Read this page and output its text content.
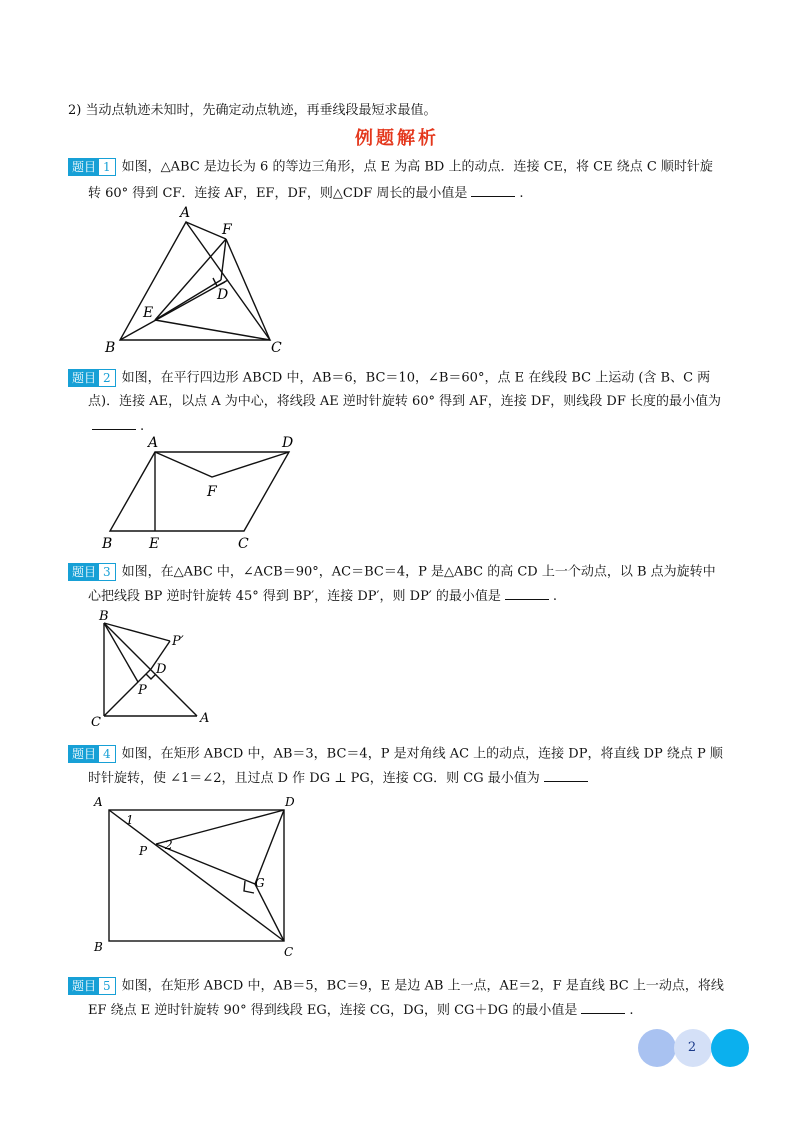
2) 当动点轨迹未知时，先确定动点轨迹，再垂线段最短求最值。
例题解析
题目 1 如图，△ABC 是边长为 6 的等边三角形，点 E 为高 BD 上的动点．连接 CE，将 CE 绕点 C 顺时针旋
转 60° 得到 CF．连接 AF，EF，DF，则△CDF 周长的最小值是	.
A
F
D
E
B	C
题目 2 如图，在平行四边形 ABCD 中，AB＝6，BC＝10，∠B＝60°，点 E 在线段 BC 上运动 (含 B、C 两
点)．连接 AE，以点 A 为中心，将线段 AE 逆时针旋转 60° 得到 AF，连接 DF，则线段 DF 长度的最小值为
.
A	D
F
B	E	C
题目 3 如图，在△ABC 中，∠ACB＝90°，AC＝BC＝4，P 是△ABC 的高 CD 上一个动点，以 B 点为旋转中
心把线段 BP 逆时针旋转 45° 得到 BP′，连接 DP′，则 DP′ 的最小值是	.
B
P′
D
P
C	A
题目 4 如图，在矩形 ABCD 中，AB＝3，BC＝4，P 是对角线 AC 上的动点，连接 DP，将直线 DP 绕点 P 顺
时针旋转，使 ∠1＝∠2，且过点 D 作 DG ⊥ PG，连接 CG．则 CG 最小值为
A	D
1
P 2
G
B	C
题目 5 如图，在矩形 ABCD 中，AB＝5，BC＝9，E 是边 AB 上一点，AE＝2，F 是直线 BC 上一动点，将线
EF 绕点 E 逆时针旋转 90° 得到线段 EG，连接 CG，DG，则 CG＋DG 的最小值是	.
2
